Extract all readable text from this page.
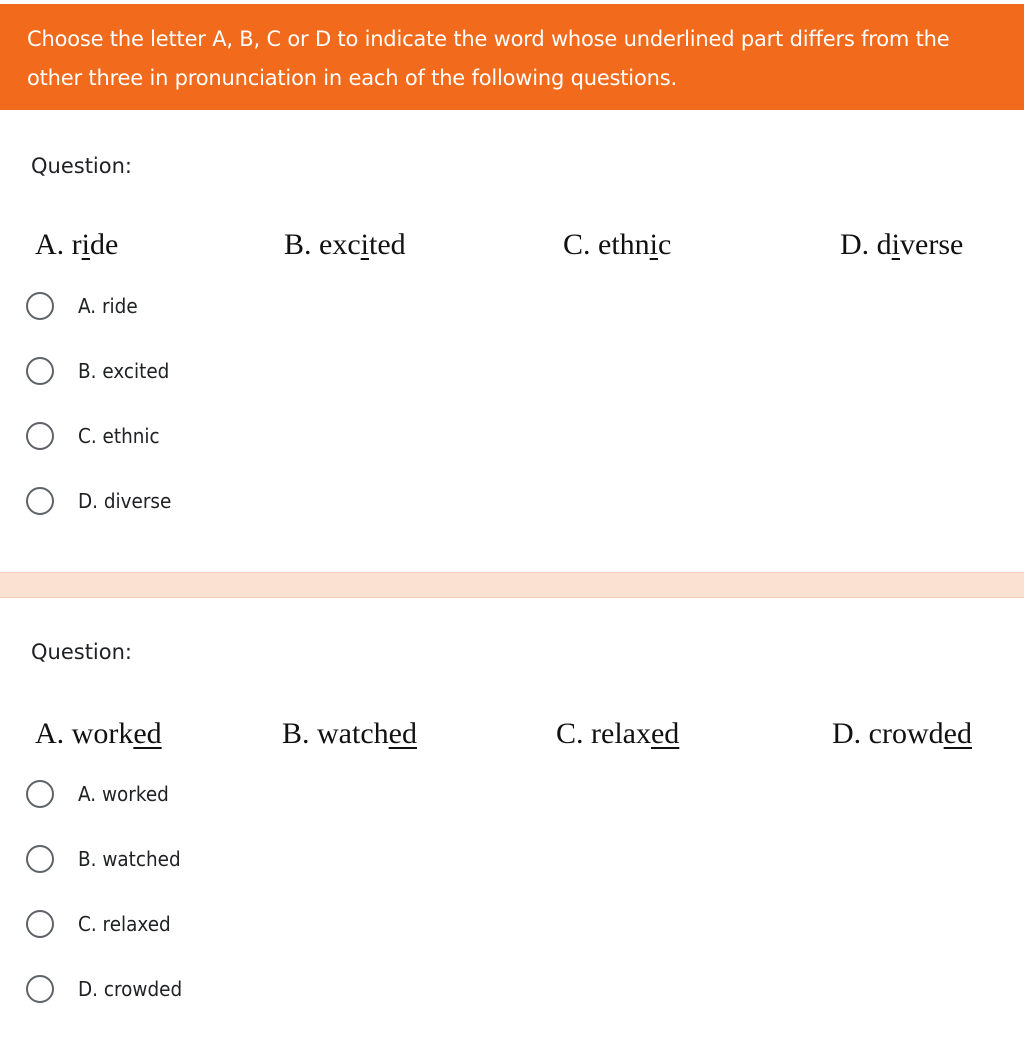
Choose the letter A, B, C or D to indicate the word whose underlined part differs from the other three in pronunciation in each of the following questions.
Question:
A. ride	B. excited	C. ethnic	D. diverse
A. ride
B. excited
C. ethnic
D. diverse
Question:
A. worked	B. watched	C. relaxed	D. crowded
A. worked
B. watched
C. relaxed
D. crowded
